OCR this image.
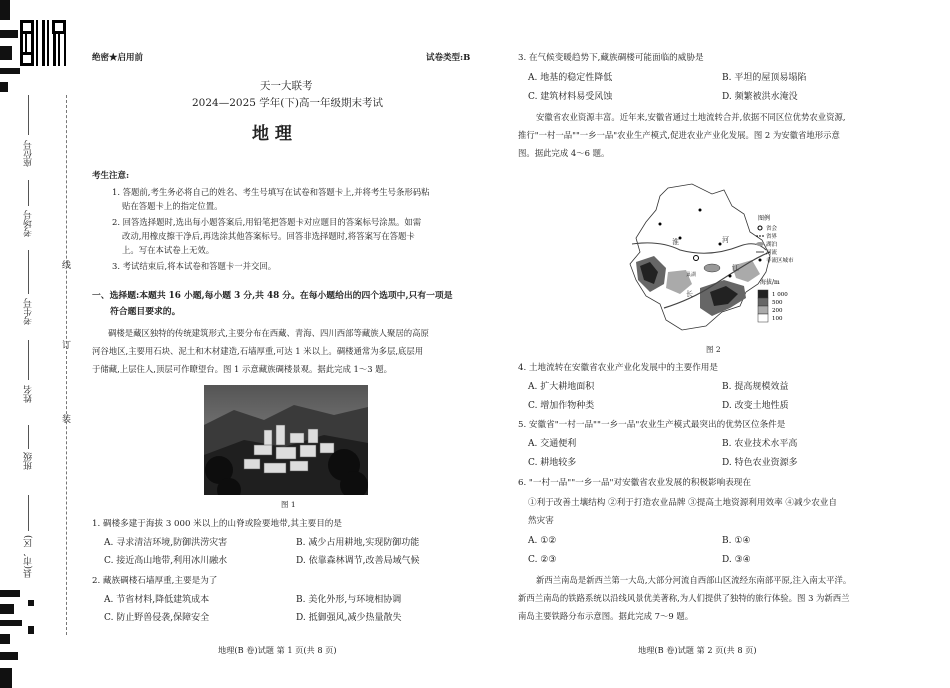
座位号
考场号
考生号
姓名
班级
县(市、区)
线
订
装
绝密★启用前	试卷类型:B
天一大联考
2024—2025 学年(下)高一年级期末考试
地 理
考生注意:
1. 答题前,考生务必将自己的姓名、考生号填写在试卷和答题卡上,并将考生号条形码粘
贴在答题卡上的指定位置。
2. 回答选择题时,选出每小题答案后,用铅笔把答题卡对应题目的答案标号涂黑。如需
改动,用橡皮擦干净后,再选涂其他答案标号。回答非选择题时,将答案写在答题卡
上。写在本试卷上无效。
3. 考试结束后,将本试卷和答题卡一并交回。
一、选择题:本题共 16 小题,每小题 3 分,共 48 分。在每小题给出的四个选项中,只有一项是
符合题目要求的。
碉楼是藏区独特的传统建筑形式,主要分布在西藏、青海、四川西部等藏族人聚居的高原
河谷地区,主要用石块、泥土和木材建造,石墙厚重,可达 1 米以上。碉楼通常为多层,底层用
于储藏,上层住人,顶层可作瞭望台。图 1 示意藏族碉楼景观。据此完成 1～3 题。
图 1
1. 碉楼多建于海拔 3 000 米以上的山脊或险要地带,其主要目的是
A. 寻求清洁环境,防御洪涝灾害	B. 减少占用耕地,实现防御功能
C. 接近高山地带,利用冰川融水	D. 依靠森林调节,改善局域气候
2. 藏族碉楼石墙厚重,主要是为了
A. 节省材料,降低建筑成本	B. 美化外形,与环境相协调
C. 防止野兽侵袭,保障安全	D. 抵御强风,减少热量散失
地理(B 卷)试题 第 1 页(共 8 页)
3. 在气候变暖趋势下,藏族碉楼可能面临的威胁是
A. 地基的稳定性降低	B. 平坦的屋顶易塌陷
C. 建筑材料易受风蚀	D. 频繁被洪水淹没
安徽省农业资源丰富。近年来,安徽省通过土地流转合并,依据不同区位优势农业资源,
推行"一村一品""一乡一品"农业生产模式,促进农业产业化发展。图 2 为安徽省地形示意
图。据此完成 4～6 题。
淮	河
长
江
巢湖
图例
省会
省界
湖泊
河流
非流区城市
海拔/m
1 000
500
200
100
图 2
4. 土地流转在安徽省农业产业化发展中的主要作用是
A. 扩大耕地面积	B. 提高规模效益
C. 增加作物种类	D. 改变土地性质
5. 安徽省"一村一品""一乡一品"农业生产模式最突出的优势区位条件是
A. 交通便利	B. 农业技术水平高
C. 耕地较多	D. 特色农业资源多
6. "一村一品""一乡一品"对安徽省农业发展的积极影响表现在
①利于改善土壤结构 ②利于打造农业品牌 ③提高土地资源利用效率 ④减少农业自
然灾害
A. ①②	B. ①④
C. ②③	D. ③④
新西兰南岛是新西兰第一大岛,大部分河流自西部山区流经东南部平原,注入南太平洋。
新西兰南岛的铁路系统以沿线风景优美著称,为人们提供了独特的旅行体验。图 3 为新西兰
南岛主要铁路分布示意图。据此完成 7～9 题。
地理(B 卷)试题 第 2 页(共 8 页)
